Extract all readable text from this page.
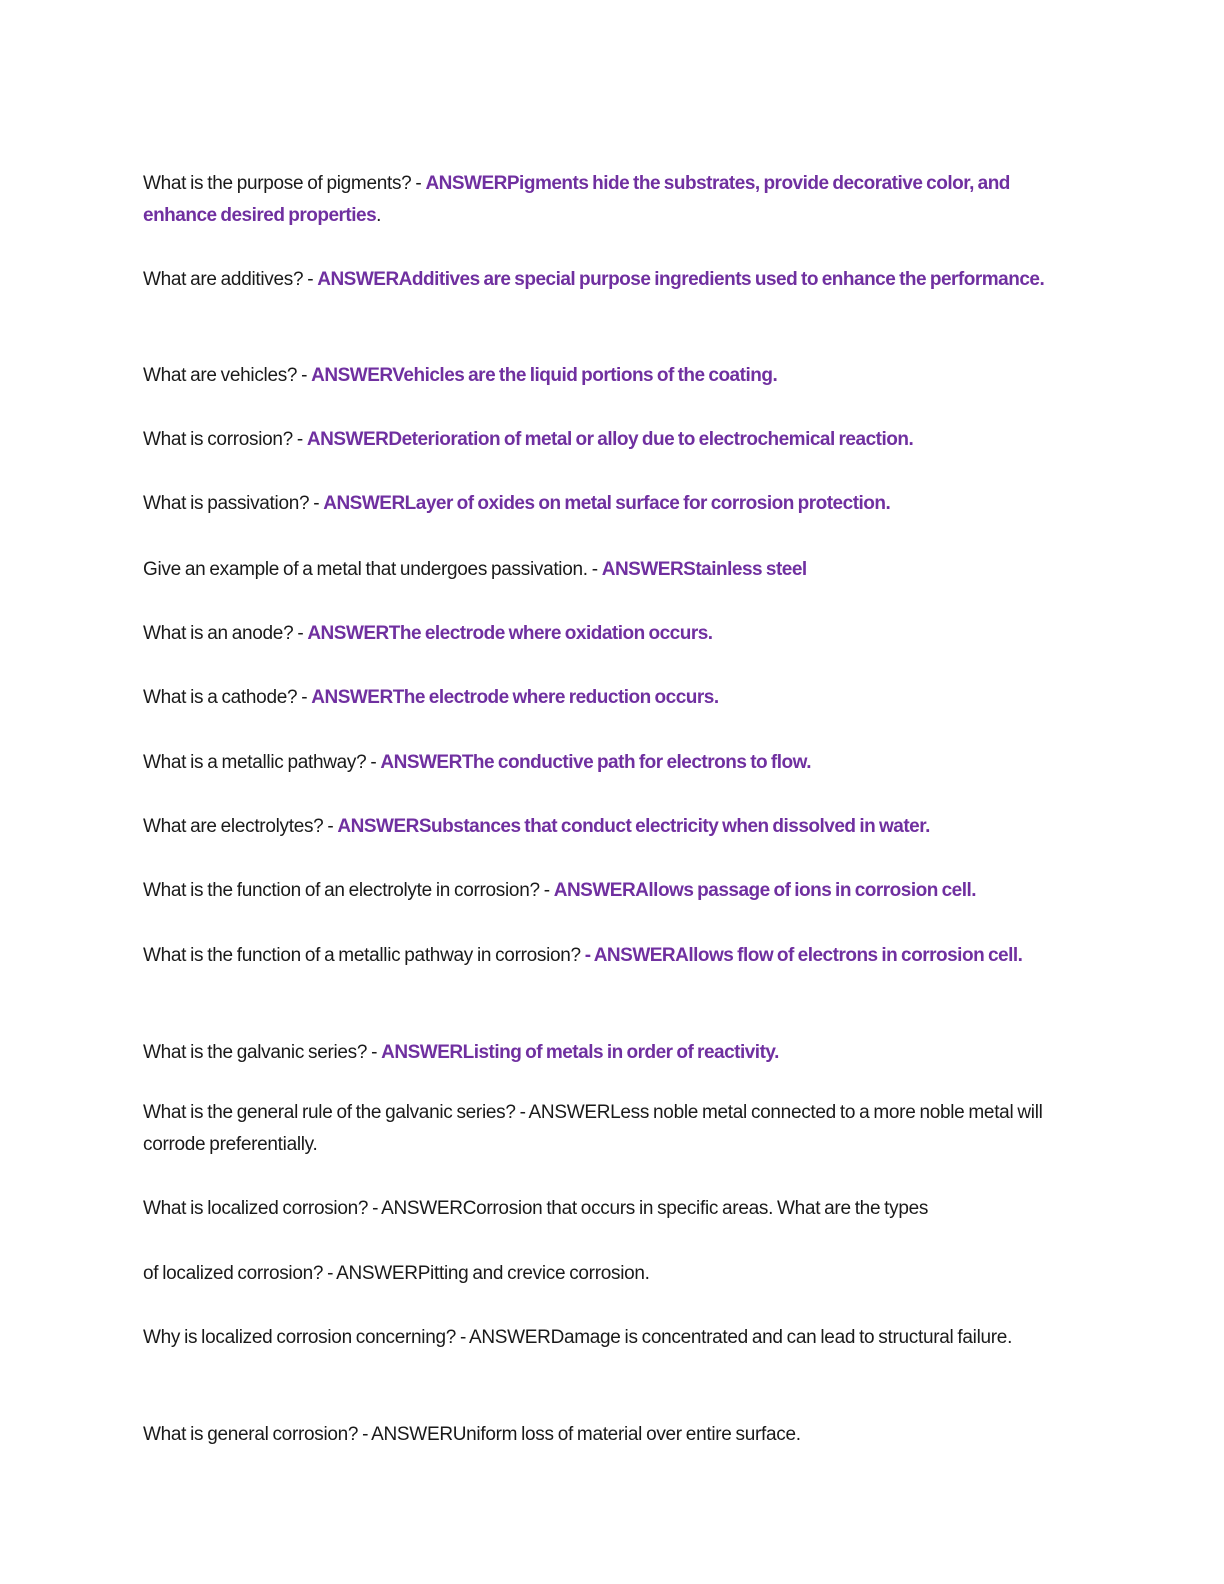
What is the purpose of pigments? - ANSWERPigments hide the substrates, provide decorative color, and enhance desired properties.

What are additives? - ANSWERAdditives are special purpose ingredients used to enhance the performance.

What are vehicles? - ANSWERVehicles are the liquid portions of the coating.

What is corrosion? - ANSWERDeterioration of metal or alloy due to electrochemical reaction.

What is passivation? - ANSWERLayer of oxides on metal surface for corrosion protection.

Give an example of a metal that undergoes passivation. - ANSWERStainless steel

What is an anode? - ANSWERThe electrode where oxidation occurs.

What is a cathode? - ANSWERThe electrode where reduction occurs.

What is a metallic pathway? - ANSWERThe conductive path for electrons to flow.

What are electrolytes? - ANSWERSubstances that conduct electricity when dissolved in water.

What is the function of an electrolyte in corrosion? - ANSWERAllows passage of ions in corrosion cell.

What is the function of a metallic pathway in corrosion? - ANSWERAllows flow of electrons in corrosion cell.

What is the galvanic series? - ANSWERListing of metals in order of reactivity.

What is the general rule of the galvanic series? - ANSWERLess noble metal connected to a more noble metal will corrode preferentially.

What is localized corrosion? - ANSWERCorrosion that occurs in specific areas. What are the types

of localized corrosion? - ANSWERPitting and crevice corrosion.

Why is localized corrosion concerning? - ANSWERDamage is concentrated and can lead to structural failure.

What is general corrosion? - ANSWERUniform loss of material over entire surface.
